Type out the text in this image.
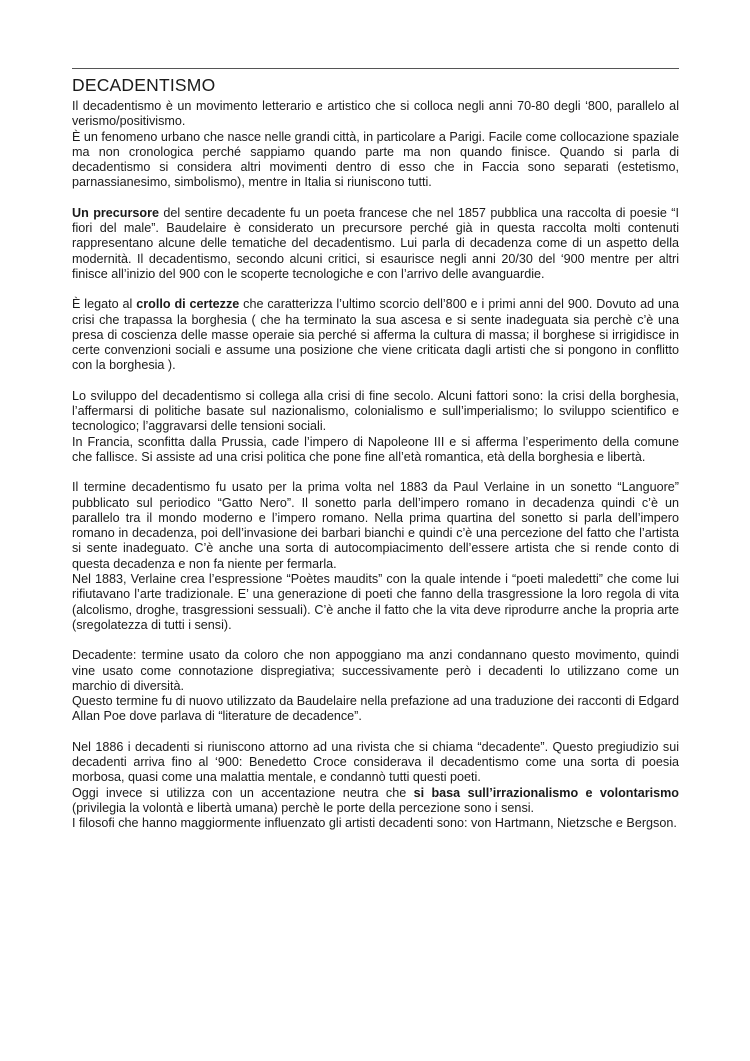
DECADENTISMO

Il decadentismo è un movimento letterario e artistico che si colloca negli anni 70-80 degli ‘800, parallelo al verismo/positivismo.

È un fenomeno urbano che nasce nelle grandi città, in particolare a Parigi. Facile come collocazione spaziale ma non cronologica perché sappiamo quando parte ma non quando finisce. Quando si parla di decadentismo si considera altri movimenti dentro di esso che in Faccia sono separati (estetismo, parnassianesimo, simbolismo), mentre in Italia si riuniscono tutti.

Un precursore del sentire decadente fu un poeta francese che nel 1857 pubblica una raccolta di poesie “I fiori del male”. Baudelaire è considerato un precursore perché già in questa raccolta molti contenuti rappresentano alcune delle tematiche del decadentismo. Lui parla di decadenza come di un aspetto della modernità. Il decadentismo, secondo alcuni critici, si esaurisce negli anni 20/30 del ‘900 mentre per altri finisce all’inizio del 900 con le scoperte tecnologiche e con l’arrivo delle avanguardie.

È legato al crollo di certezze che caratterizza l’ultimo scorcio dell’800 e i primi anni del 900. Dovuto ad una crisi che trapassa la borghesia ( che ha terminato la sua ascesa e si sente inadeguata sia perchè c’è una presa di coscienza delle masse operaie sia perché si afferma la cultura di massa; il borghese si irrigidisce in certe convenzioni sociali e assume una posizione che viene criticata dagli artisti che si pongono in conflitto con la borghesia ).

Lo sviluppo del decadentismo si collega alla crisi di fine secolo. Alcuni fattori sono: la crisi della borghesia, l’affermarsi di politiche basate sul nazionalismo, colonialismo e sull’imperialismo; lo sviluppo scientifico e tecnologico; l’aggravarsi delle tensioni sociali.

In Francia, sconfitta dalla Prussia, cade l’impero di Napoleone III e si afferma l’esperimento della comune che fallisce. Si assiste ad una crisi politica che pone fine all’età romantica, età della borghesia e libertà.

Il termine decadentismo fu usato per la prima volta nel 1883 da Paul Verlaine in un sonetto “Languore” pubblicato sul periodico “Gatto Nero”. Il sonetto parla dell’impero romano in decadenza quindi c’è un parallelo tra il mondo moderno e l’impero romano. Nella prima quartina del sonetto si parla dell’impero romano in decadenza, poi dell’invasione dei barbari bianchi e quindi c’è una percezione del fatto che l’artista si sente inadeguato. C’è anche una sorta di autocompiacimento dell’essere artista che si rende conto di questa decadenza e non fa niente per fermarla.

Nel 1883, Verlaine crea l’espressione “Poètes maudits” con la quale intende i “poeti maledetti” che come lui rifiutavano l’arte tradizionale. E’ una generazione di poeti che fanno della trasgressione la loro regola di vita (alcolismo, droghe, trasgressioni sessuali). C’è anche il fatto che la vita deve riprodurre anche la propria arte (sregolatezza di tutti i sensi).

Decadente: termine usato da coloro che non appoggiano ma anzi condannano questo movimento, quindi vine usato come connotazione dispregiativa; successivamente però i decadenti lo utilizzano come un marchio di diversità.

Questo termine fu di nuovo utilizzato da Baudelaire nella prefazione ad una traduzione dei racconti di Edgard Allan Poe dove parlava di “literature de decadence”.

Nel 1886 i decadenti si riuniscono attorno ad una rivista che si chiama “decadente”. Questo pregiudizio sui decadenti arriva fino al ‘900: Benedetto Croce considerava il decadentismo come una sorta di poesia morbosa, quasi come una malattia mentale, e condannò tutti questi poeti.

Oggi invece si utilizza con un accentazione neutra che si basa sull’irrazionalismo e volontarismo (privilegia la volontà e libertà umana) perchè le porte della percezione sono i sensi.

I filosofi che hanno maggiormente influenzato gli artisti decadenti sono: von Hartmann, Nietzsche e Bergson.
